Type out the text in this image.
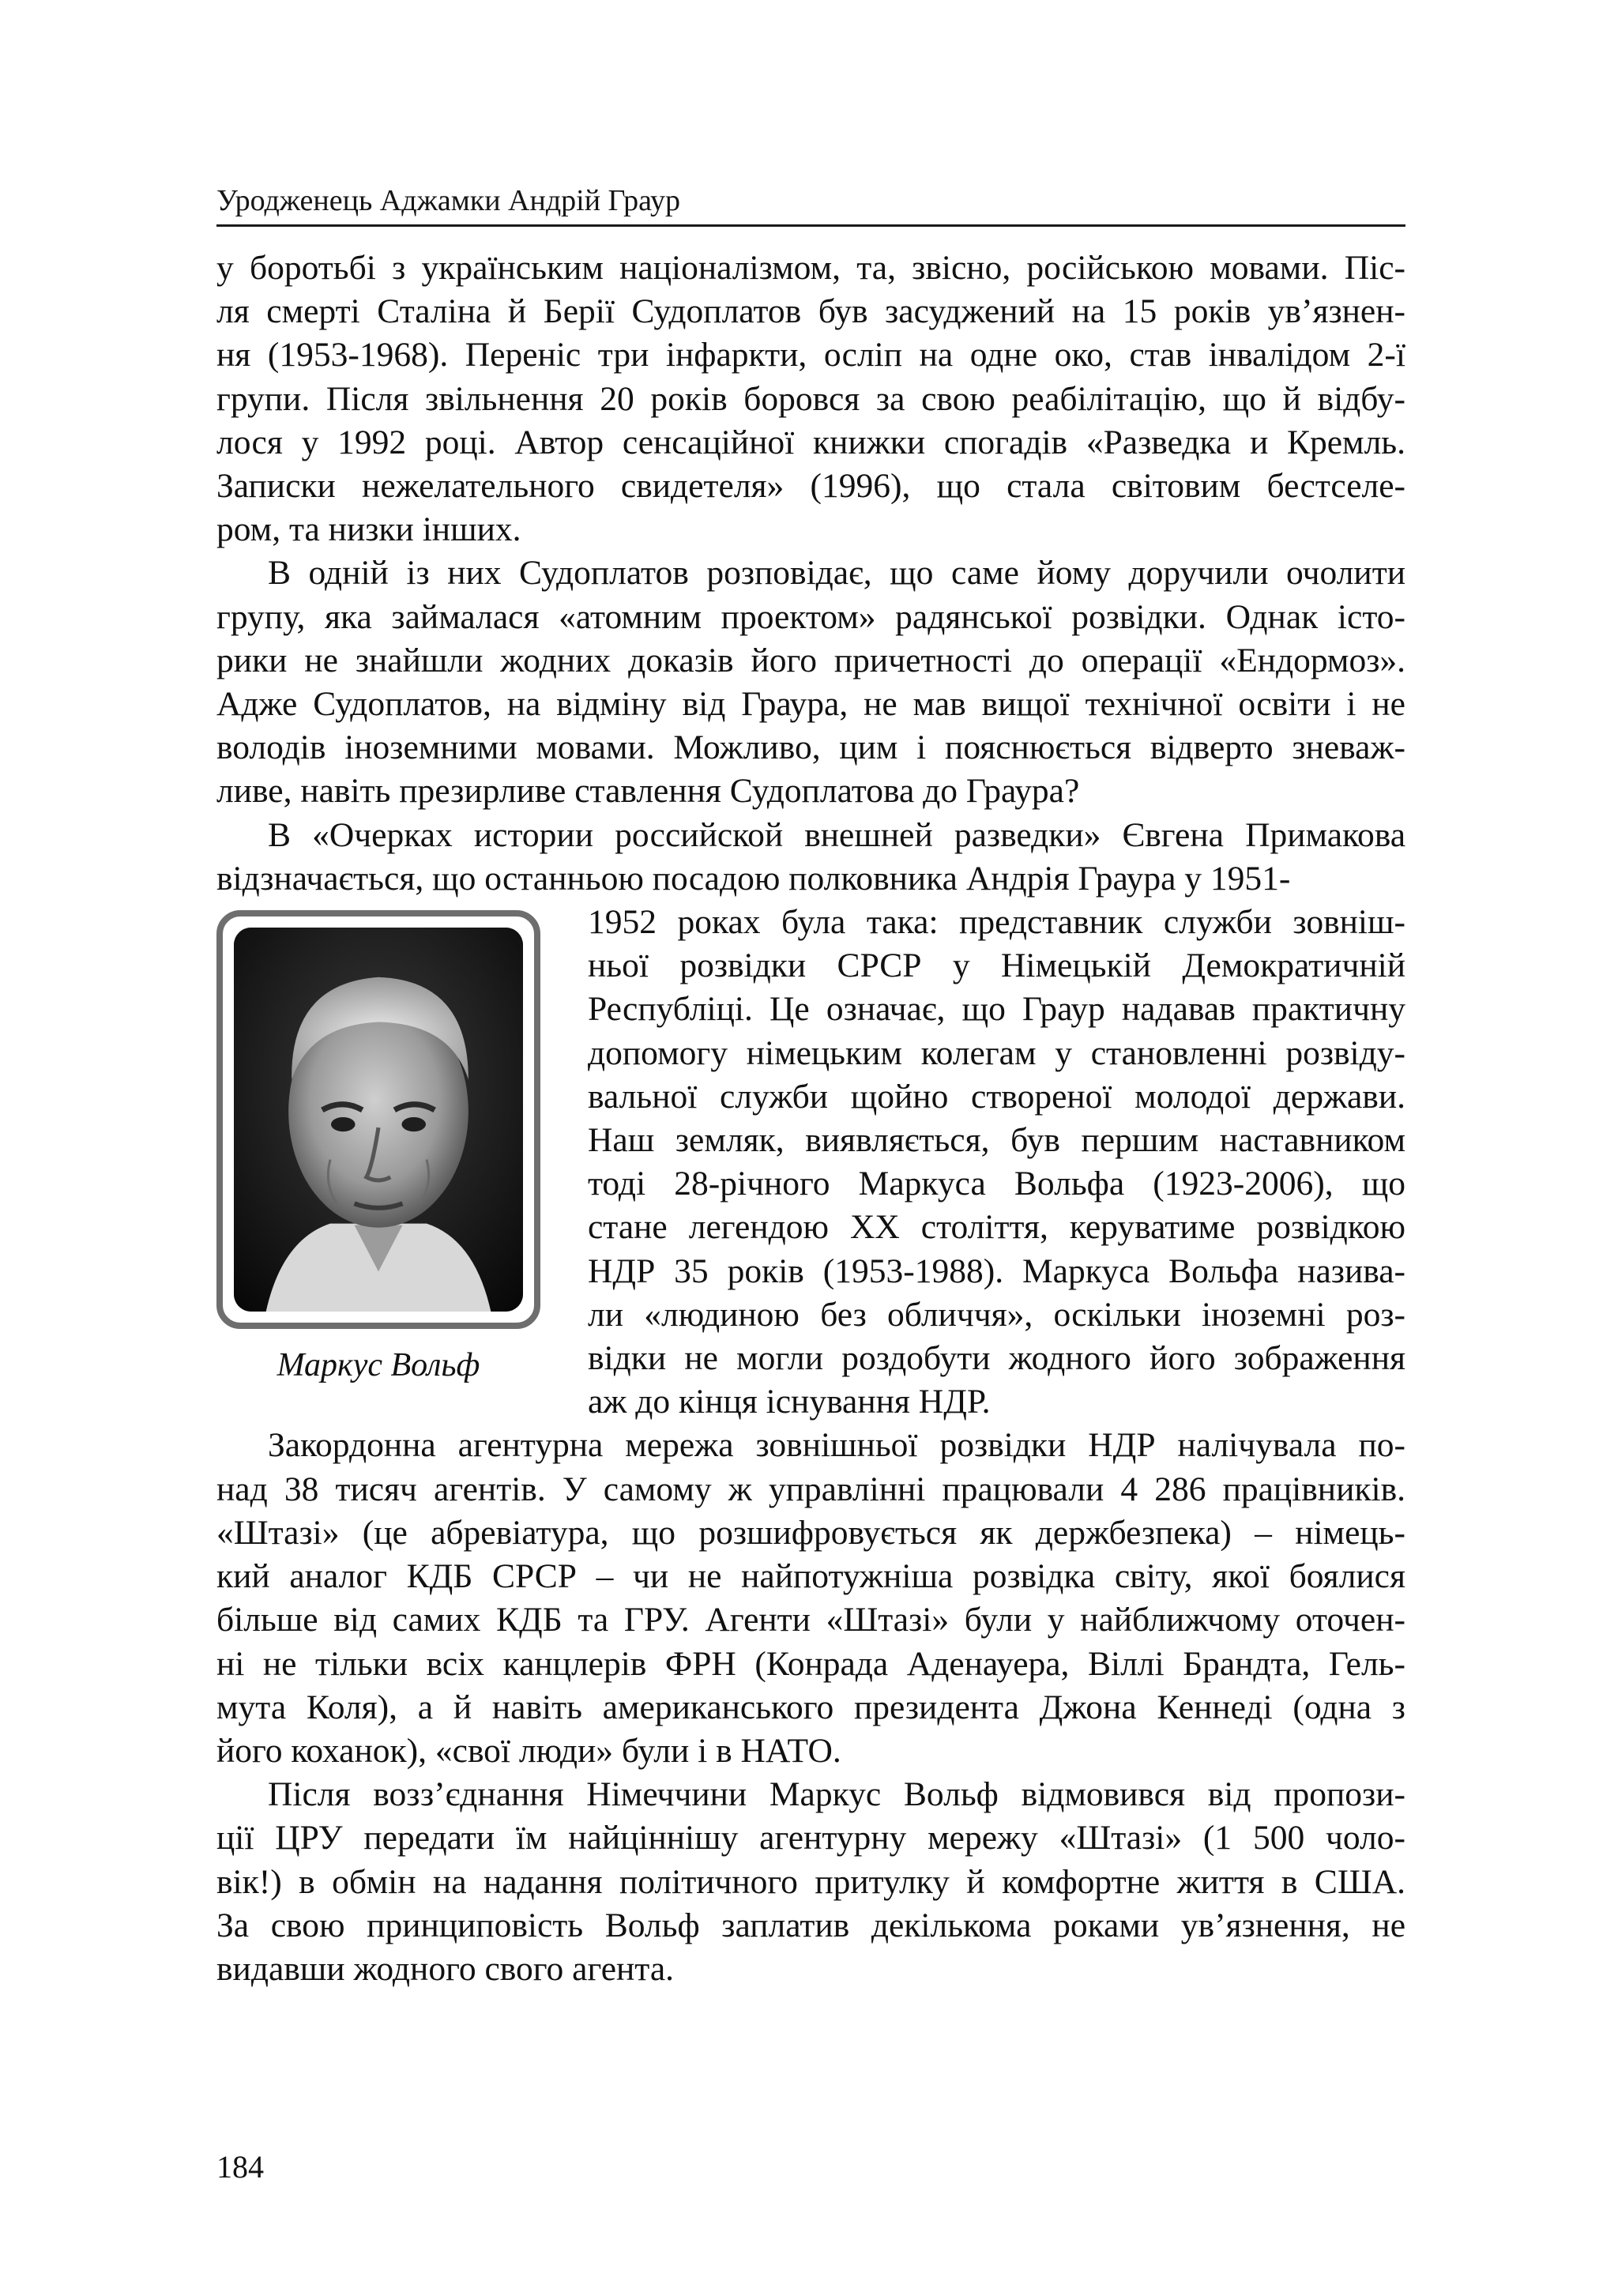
Уродженець Аджамки Андрій Граур

у боротьбі з українським націоналізмом, та, звісно, російською мовами. Піс-
ля смерті Сталіна й Берії Судоплатов був засуджений на 15 років ув’язнен-
ня (1953-1968). Переніс три інфаркти, осліп на одне око, став інвалідом 2-ї
групи. Після звільнення 20 років боровся за свою реабілітацію, що й відбу-
лося у 1992 році. Автор сенсаційної книжки спогадів «Разведка и Кремль.
Записки нежелательного свидетеля» (1996), що стала світовим бестселе-
ром, та низки інших.

В одній із них Судоплатов розповідає, що саме йому доручили очолити
групу, яка займалася «атомним проектом» радянської розвідки. Однак істо-
рики не знайшли жодних доказів його причетності до операції «Ендормоз».
Адже Судоплатов, на відміну від Граура, не мав вищої технічної освіти і не
володів іноземними мовами. Можливо, цим і пояснюється відверто зневаж-
ливе, навіть презирливе ставлення Судоплатова до Граура?

В «Очерках истории российской внешней разведки» Євгена Примакова
відзначається, що останньою посадою полковника Андрія Граура у 1951-

Маркус Вольф

1952 роках була така: представник служби зовніш-
ньої розвідки СРСР у Німецькій Демократичній
Республіці. Це означає, що Граур надавав практичну
допомогу німецьким колегам у становленні розвіду-
вальної служби щойно створеної молодої держави.
Наш земляк, виявляється, був першим наставником
тоді 28-річного Маркуса Вольфа (1923-2006), що
стане легендою XX століття, керуватиме розвідкою
НДР 35 років (1953-1988). Маркуса Вольфа назива-
ли «людиною без обличчя», оскільки іноземні роз-
відки не могли роздобути жодного його зображення
аж до кінця існування НДР.

Закордонна агентурна мережа зовнішньої розвідки НДР налічувала по-
над 38 тисяч агентів. У самому ж управлінні працювали 4 286 працівників.
«Штазі» (це абревіатура, що розшифровується як держбезпека) – німець-
кий аналог КДБ СРСР – чи не найпотужніша розвідка світу, якої боялися
більше від самих КДБ та ГРУ. Агенти «Штазі» були у найближчому оточен-
ні не тільки всіх канцлерів ФРН (Конрада Аденауера, Віллі Брандта, Гель-
мута Коля), а й навіть американського президента Джона Кеннеді (одна з
його коханок), «свої люди» були і в НАТО.

Після возз’єднання Німеччини Маркус Вольф відмовився від пропози-
ції ЦРУ передати їм найціннішу агентурну мережу «Штазі» (1 500 чоло-
вік!) в обмін на надання політичного притулку й комфортне життя в США.
За свою принциповість Вольф заплатив декількома роками ув’язнення, не
видавши жодного свого агента.

184
